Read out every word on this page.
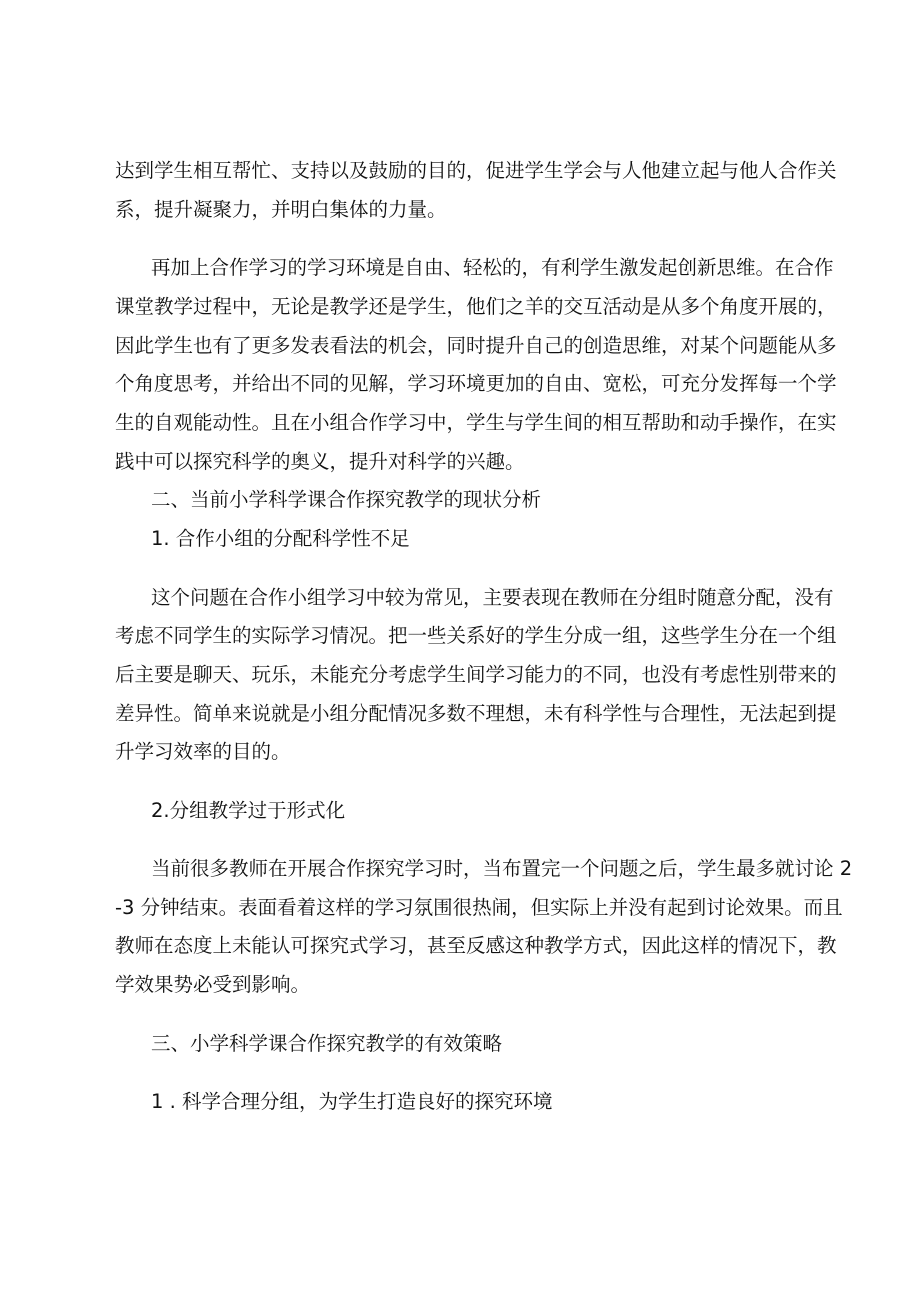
达到学生相互帮忙、支持以及鼓励的目的，促进学生学会与人他建立起与他人合作关
系，提升凝聚力，并明白集体的力量。
再加上合作学习的学习环境是自由、轻松的，有利学生激发起创新思维。在合作
课堂教学过程中，无论是教学还是学生，他们之羊的交互活动是从多个角度开展的，
因此学生也有了更多发表看法的机会，同时提升自己的创造思维，对某个问题能从多
个角度思考，并给出不同的见解，学习环境更加的自由、宽松，可充分发挥每一个学
生的自观能动性。且在小组合作学习中，学生与学生间的相互帮助和动手操作，在实
践中可以探究科学的奥义，提升对科学的兴趣。
二、当前小学科学课合作探究教学的现状分析
1. 合作小组的分配科学性不足
这个问题在合作小组学习中较为常见，主要表现在教师在分组时随意分配，没有
考虑不同学生的实际学习情况。把一些关系好的学生分成一组，这些学生分在一个组
后主要是聊天、玩乐，未能充分考虑学生间学习能力的不同，也没有考虑性别带来的
差异性。简单来说就是小组分配情况多数不理想，未有科学性与合理性，无法起到提
升学习效率的目的。
2.分组教学过于形式化
当前很多教师在开展合作探究学习时，当布置完一个问题之后，学生最多就讨论 2
-3 分钟结束。表面看着这样的学习氛围很热闹，但实际上并没有起到讨论效果。而且
教师在态度上未能认可探究式学习，甚至反感这种教学方式，因此这样的情况下，教
学效果势必受到影响。
三、小学科学课合作探究教学的有效策略
1 . 科学合理分组，为学生打造良好的探究环境
